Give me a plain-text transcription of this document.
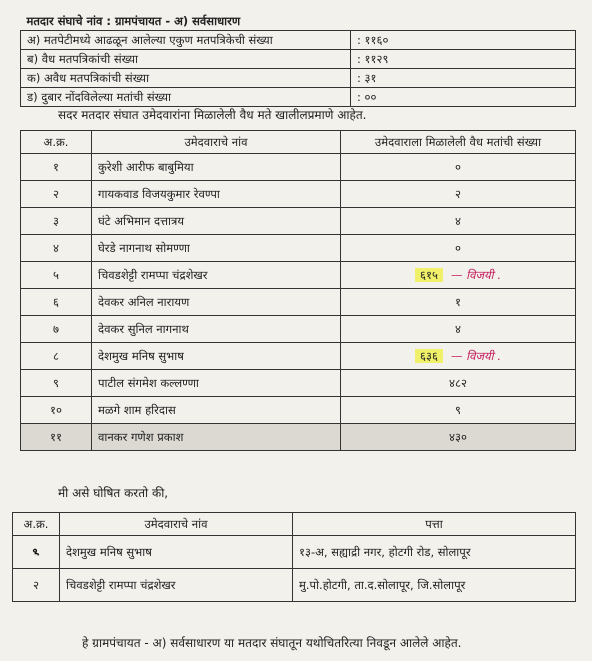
मतदार संघाचे नांव : ग्रामपंचायत - अ) सर्वसाधारण	
अ) मतपेटीमध्ये आढळून आलेल्या एकुण मतपत्रिकेची संख्या	: ११६०
ब) वैध मतपत्रिकांची संख्या	: ११२९
क) अवैध मतपत्रिकांची संख्या	: ३१
ड) दुबार नोंदविलेल्या मतांची संख्या	: ००
सदर मतदार संघात उमेदवारांना मिळालेली वैध मते खालीलप्रमाणे आहेत.
अ.क्र.	उमेदवाराचे नांव	उमेदवाराला मिळालेली वैध मतांची संख्या
१	कुरेशी आरीफ बाबुमिया	०
२	गायकवाड विजयकुमार रेवण्पा	२
३	घंटे अभिमान दत्तात्रय	४
४	घेरडे नागनाथ सोमण्णा	०
५	चिवडशेट्टी रामप्पा चंद्रशेखर	६१५ — विजयी .
६	देवकर अनिल नारायण	१
७	देवकर सुनिल नागनाथ	४
८	देशमुख मनिष सुभाष	६३६ — विजयी .
९	पाटील संगमेश कल्लण्णा	४८२
१०	मळगे शाम हरिदास	९
११	वानकर गणेश प्रकाश	४३०
मी असे घोषित करतो की,
अ.क्र.	उमेदवाराचे नांव	पत्ता
१	देशमुख मनिष सुभाष	१३-अ, सह्याद्री नगर, होटगी रोड, सोलापूर
२	चिवडशेट्टी रामप्पा चंद्रशेखर	मु.पो.होटगी, ता.द.सोलापूर, जि.सोलापूर
हे ग्रामपंचायत - अ) सर्वसाधारण या मतदार संघातून यथोचितरित्या निवडून आलेले आहेत.
